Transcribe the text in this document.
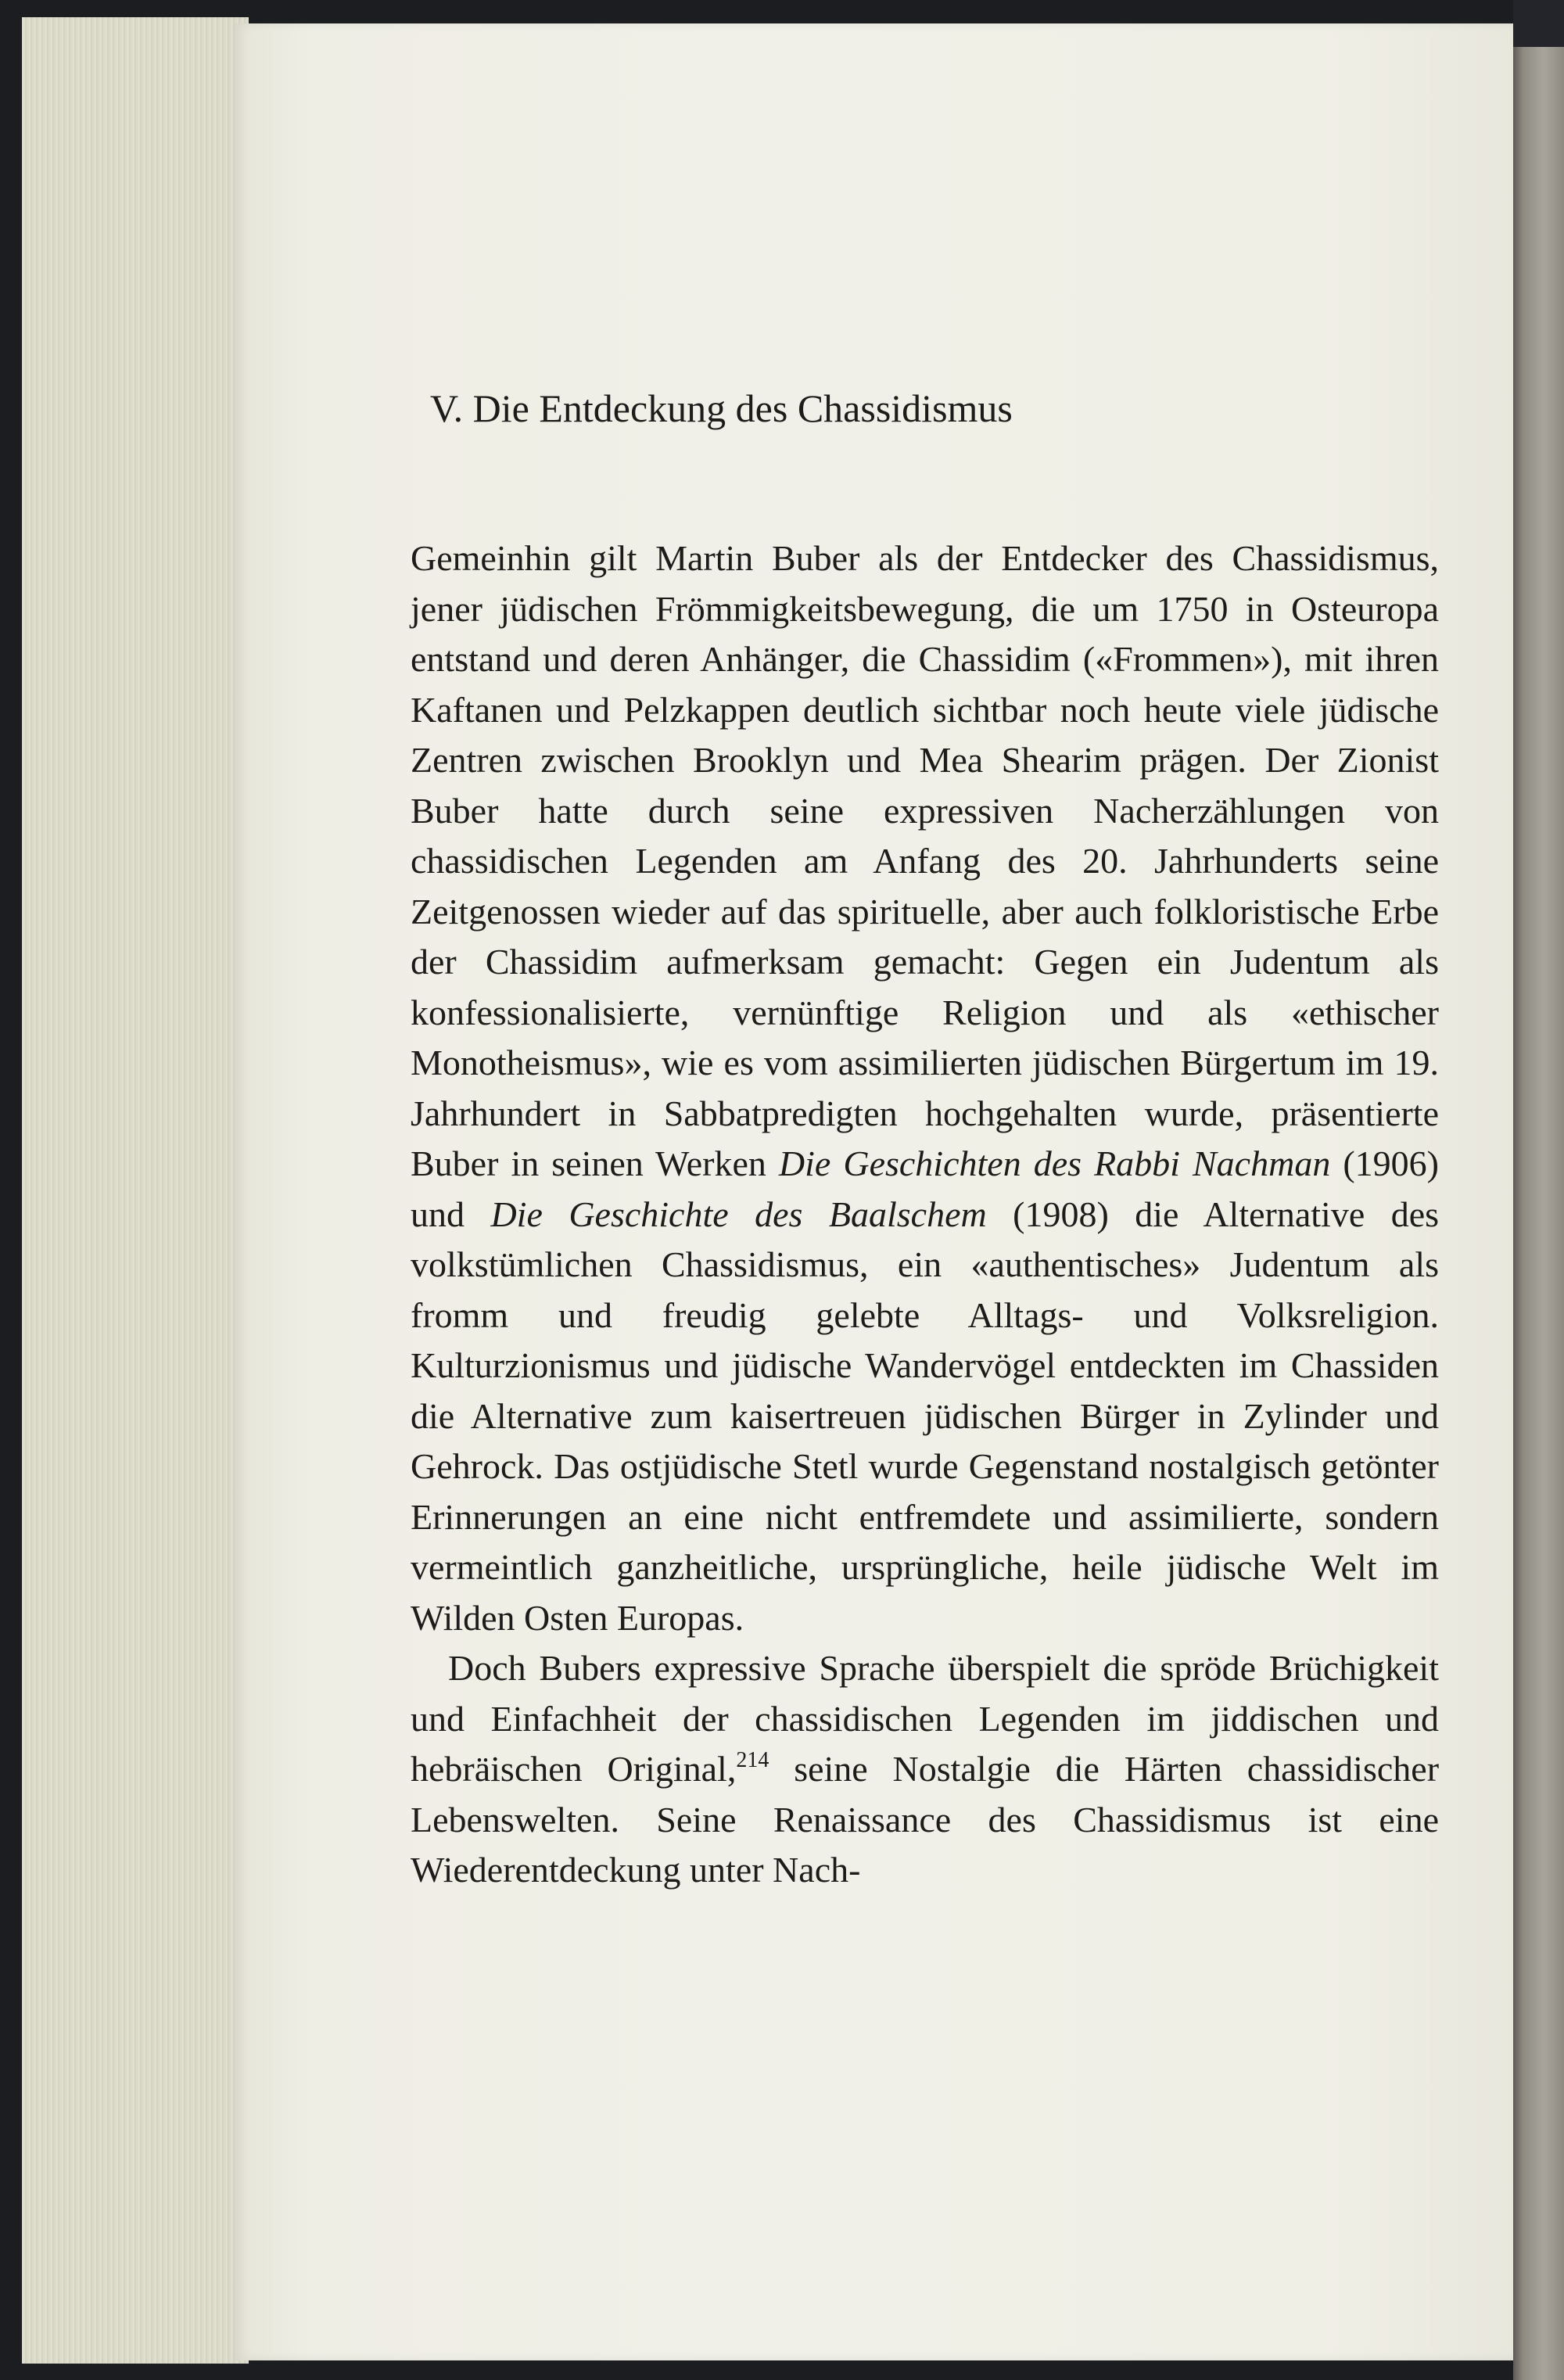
V. Die Entdeckung des Chassidismus

Gemeinhin gilt Martin Buber als der Entdecker des Chassidismus, jener jüdischen Frömmigkeitsbewegung, die um 1750 in Osteuropa entstand und deren Anhänger, die Chassidim («Frommen»), mit ihren Kaftanen und Pelzkappen deutlich sichtbar noch heute viele jüdische Zentren zwischen Brooklyn und Mea Shearim prägen. Der Zionist Buber hatte durch seine expressiven Nacherzählungen von chassidischen Legenden am Anfang des 20. Jahrhunderts seine Zeitgenossen wieder auf das spirituelle, aber auch folkloristische Erbe der Chassidim aufmerksam gemacht: Gegen ein Judentum als konfessionalisierte, vernünftige Religion und als «ethischer Monotheismus», wie es vom assimilierten jüdischen Bürgertum im 19. Jahrhundert in Sabbatpredigten hochgehalten wurde, präsentierte Buber in seinen Werken Die Geschichten des Rabbi Nachman (1906) und Die Geschichte des Baalschem (1908) die Alternative des volkstümlichen Chassidismus, ein «authentisches» Judentum als fromm und freudig gelebte Alltags- und Volksreligion. Kulturzionismus und jüdische Wandervögel entdeckten im Chassiden die Alternative zum kaisertreuen jüdischen Bürger in Zylinder und Gehrock. Das ostjüdische Stetl wurde Gegenstand nostalgisch getönter Erinnerungen an eine nicht entfremdete und assimilierte, sondern vermeintlich ganzheitliche, ursprüngliche, heile jüdische Welt im Wilden Osten Europas.

Doch Bubers expressive Sprache überspielt die spröde Brüchigkeit und Einfachheit der chassidischen Legenden im jiddischen und hebräischen Original,$^{214}$ seine Nostalgie die Härten chassidischer Lebenswelten. Seine Renaissance des Chassidismus ist eine Wiederentdeckung unter Nach-
